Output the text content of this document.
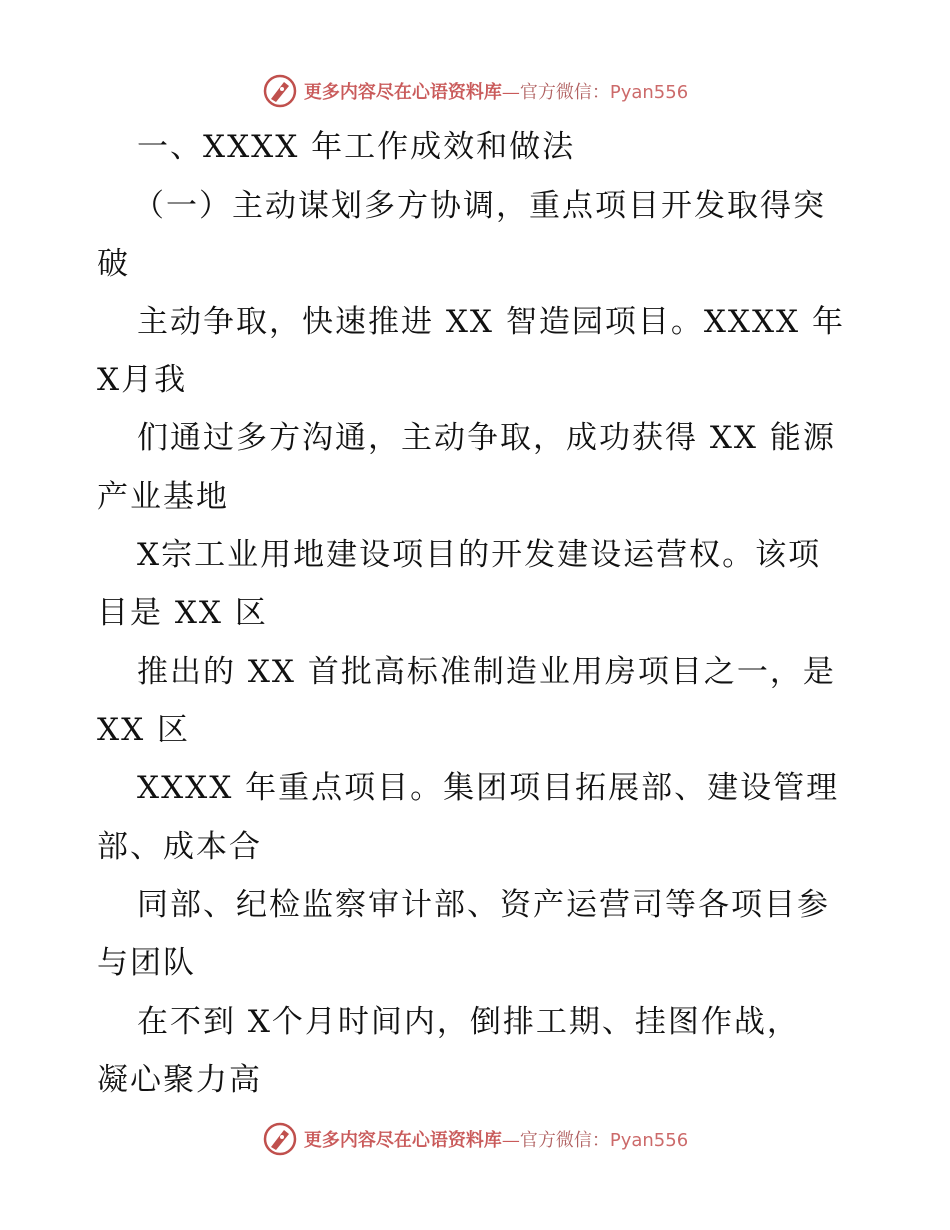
更多内容尽在心语资料库—官方微信：Pyan556
一、XXXX 年工作成效和做法
（一）主动谋划多方协调，重点项目开发取得突
破
主动争取，快速推进 XX 智造园项目。XXXX 年
X月我
们通过多方沟通，主动争取，成功获得 XX 能源
产业基地
X宗工业用地建设项目的开发建设运营权。该项
目是 XX 区
推出的 XX 首批高标准制造业用房项目之一，是
XX 区
XXXX 年重点项目。集团项目拓展部、建设管理
部、成本合
同部、纪检监察审计部、资产运营司等各项目参
与团队
在不到 X个月时间内，倒排工期、挂图作战，
凝心聚力高
更多内容尽在心语资料库—官方微信：Pyan556
